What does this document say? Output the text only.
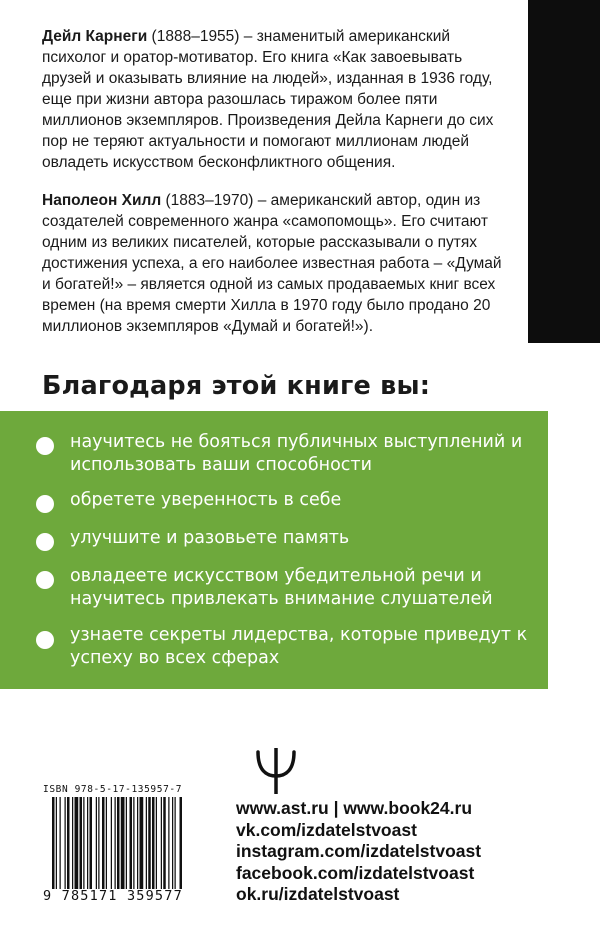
Дейл Карнеги (1888–1955) – знаменитый американский психолог и оратор-мотиватор. Его книга «Как завоевывать друзей и оказывать влияние на людей», изданная в 1936 году, еще при жизни автора разошлась тиражом более пяти миллионов экземпляров. Произведения Дейла Карнеги до сих пор не теряют актуальности и помогают миллионам людей овладеть искусством бесконфликтного общения.

Наполеон Хилл (1883–1970) – американский автор, один из создателей современного жанра «самопомощь». Его считают одним из великих писателей, которые рассказывали о путях достижения успеха, а его наиболее известная работа – «Думай и богатей!» – является одной из самых продаваемых книг всех времен (на время смерти Хилла в 1970 году было продано 20 миллионов экземпляров «Думай и богатей!»).

Благодаря этой книге вы:
научитесь не бояться публичных выступлений и использовать ваши способности
обретете уверенность в себе
улучшите и разовьете память
овладеете искусством убедительной речи и научитесь привлекать внимание слушателей
узнаете секреты лидерства, которые приведут к успеху во всех сферах
ISBN 978-5-17-135957-7
9 785171 359577
www.ast.ru | www.book24.ru
vk.com/izdatelstvoast
instagram.com/izdatelstvoast
facebook.com/izdatelstvoast
ok.ru/izdatelstvoast
